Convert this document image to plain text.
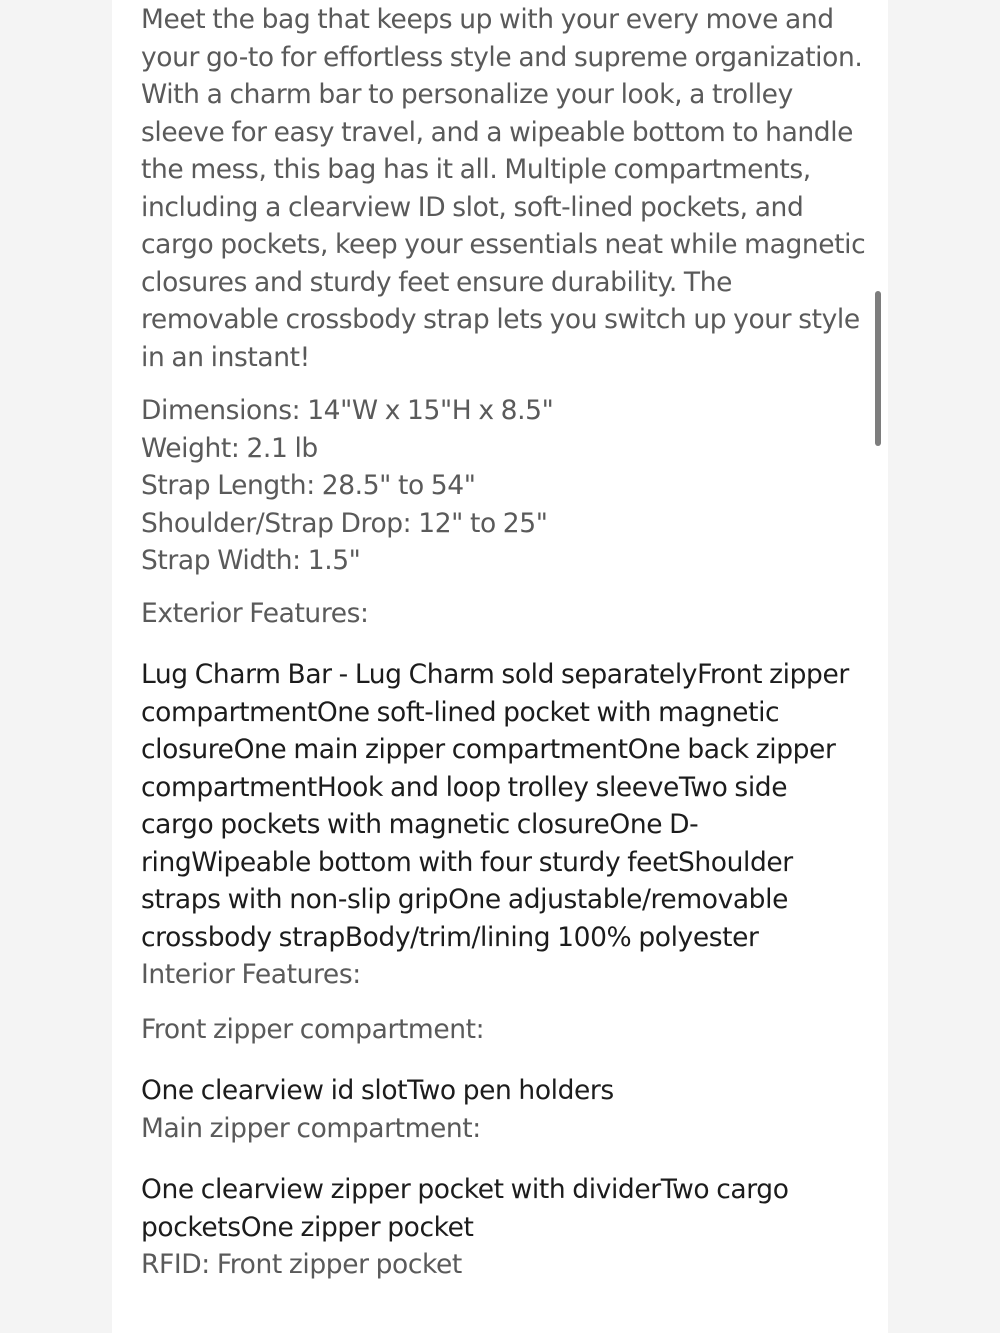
Meet the bag that keeps up with your every move and your go-to for effortless style and supreme organization. With a charm bar to personalize your look, a trolley sleeve for easy travel, and a wipeable bottom to handle the mess, this bag has it all. Multiple compartments, including a clearview ID slot, soft-lined pockets, and cargo pockets, keep your essentials neat while magnetic closures and sturdy feet ensure durability. The removable crossbody strap lets you switch up your style in an instant!

Dimensions: 14"W x 15"H x 8.5"
Weight: 2.1 lb
Strap Length: 28.5" to 54"
Shoulder/Strap Drop: 12" to 25"
Strap Width: 1.5"
Exterior Features:

Lug Charm Bar - Lug Charm sold separatelyFront zipper compartmentOne soft-lined pocket with magnetic closureOne main zipper compartmentOne back zipper compartmentHook and loop trolley sleeveTwo side cargo pockets with magnetic closureOne D-ringWipeable bottom with four sturdy feetShoulder straps with non-slip gripOne adjustable/removable crossbody strapBody/trim/lining 100% polyester

Interior Features:
Front zipper compartment:

One clearview id slotTwo pen holders

Main zipper compartment:

One clearview zipper pocket with dividerTwo cargo pocketsOne zipper pocket

RFID: Front zipper pocket
